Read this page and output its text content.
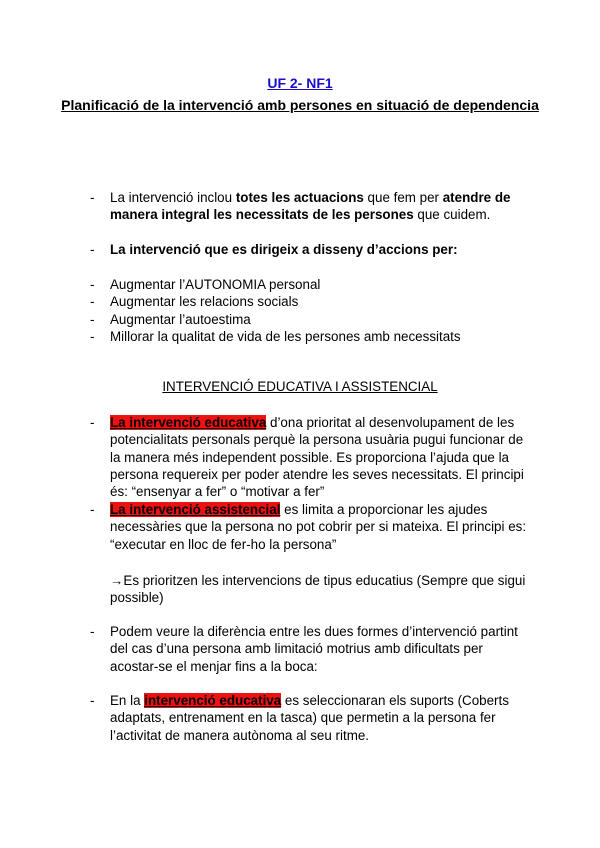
UF 2- NF1
Planificació de la intervenció amb persones en situació de dependencia
- La intervenció inclou totes les actuacions que fem per atendre de manera integral les necessitats de les persones que cuidem.
- La intervenció que es dirigeix a disseny d’accions per:
- Augmentar l’AUTONOMIA personal
- Augmentar les relacions socials
- Augmentar l’autoestima
- Millorar la qualitat de vida de les persones amb necessitats
INTERVENCIÓ EDUCATIVA I ASSISTENCIAL
- La intervenció educativa d’ona prioritat al desenvolupament de les potencialitats personals perquè la persona usuària pugui funcionar de la manera més independent possible. Es proporciona l’ajuda que la persona requereix per poder atendre les seves necessitats. El principi és: “ensenyar a fer” o “motivar a fer”
- La intervenció assistencial es limita a proporcionar les ajudes necessàries que la persona no pot cobrir per si mateixa. El principi es: “executar en lloc de fer-ho la persona”
→Es prioritzen les intervencions de tipus educatius (Sempre que sigui possible)
- Podem veure la diferència entre les dues formes d’intervenció partint del cas d’una persona amb limitació motrius amb dificultats per acostar-se el menjar fins a la boca:
- En la intervenció educativa es seleccionaran els suports (Coberts adaptats, entrenament en la tasca) que permetin a la persona fer l’activitat de manera autònoma al seu ritme.
